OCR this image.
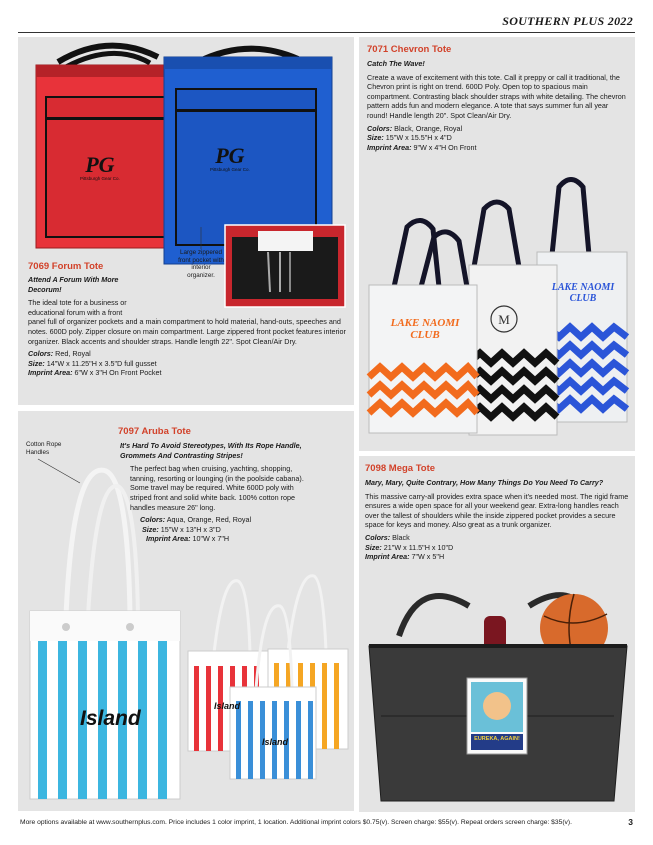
SOUTHERN PLUS 2022
PG
Pittsburgh Gear Co.
PG
Pittsburgh Gear Co.
Large zippered front pocket with interior organizer.
7069 Forum Tote

Attend A Forum With More Decorum!

The ideal tote for a business or educational forum with a front

panel full of organizer pockets and a main compartment to hold material, hand-outs, speeches and notes. 600D poly. Zipper closure on main compartment. Large zippered front pocket features interior organizer. Black accents and shoulder straps. Handle length 22". Spot Clean/Air Dry.

Colors: Red, Royal

Size: 14"W x 11.25"H x 3.5"D full gusset

Imprint Area: 6"W x 3"H On Front Pocket

7071 Chevron Tote

Catch The Wave!

Create a wave of excitement with this tote. Call it preppy or call it traditional, the Chevron print is right on trend. 600D Poly. Open top to spacious main compartment. Contrasting black shoulder straps with white detailing. The chevron pattern adds fun and modern elegance. A tote that says summer fun all year round! Handle length 20". Spot Clean/Air Dry.

Colors: Black, Orange, Royal

Size: 15"W x 15.5"H x 4"D

Imprint Area: 9"W x 4"H On Front

M
LAKE NAOMI
CLUB
LAKE NAOMI
CLUB
Cotton Rope Handles
Island
Island
Island
7097 Aruba Tote

It's Hard To Avoid Stereotypes, With Its Rope Handle, Grommets And Contrasting Stripes!

The perfect bag when cruising, yachting, shopping, tanning, resorting or lounging (in the poolside cabana). Some travel may be required. White 600D poly with striped front and solid white back. 100% cotton rope handles measure 26" long.

Colors: Aqua, Orange, Red, Royal

Size: 15"W x 13"H x 3"D

Imprint Area: 10"W x 7"H

7098 Mega Tote

Mary, Mary, Quite Contrary, How Many Things Do You Need To Carry?

This massive carry-all provides extra space when it's needed most. The rigid frame ensures a wide open space for all your weekend gear. Extra-long handles reach over the tallest of shoulders while the inside zippered pocket provides a secure space for keys and money. Also great as a trunk organizer.

Colors: Black

Size: 21"W x 11.5"H x 10"D

Imprint Area: 7"W x 5"H

EUREKA, AGAIN!
More options available at www.southernplus.com. Price includes 1 color imprint, 1 location. Additional imprint colors $0.75(v). Screen charge: $55(v). Repeat orders screen charge: $35(v).	3
